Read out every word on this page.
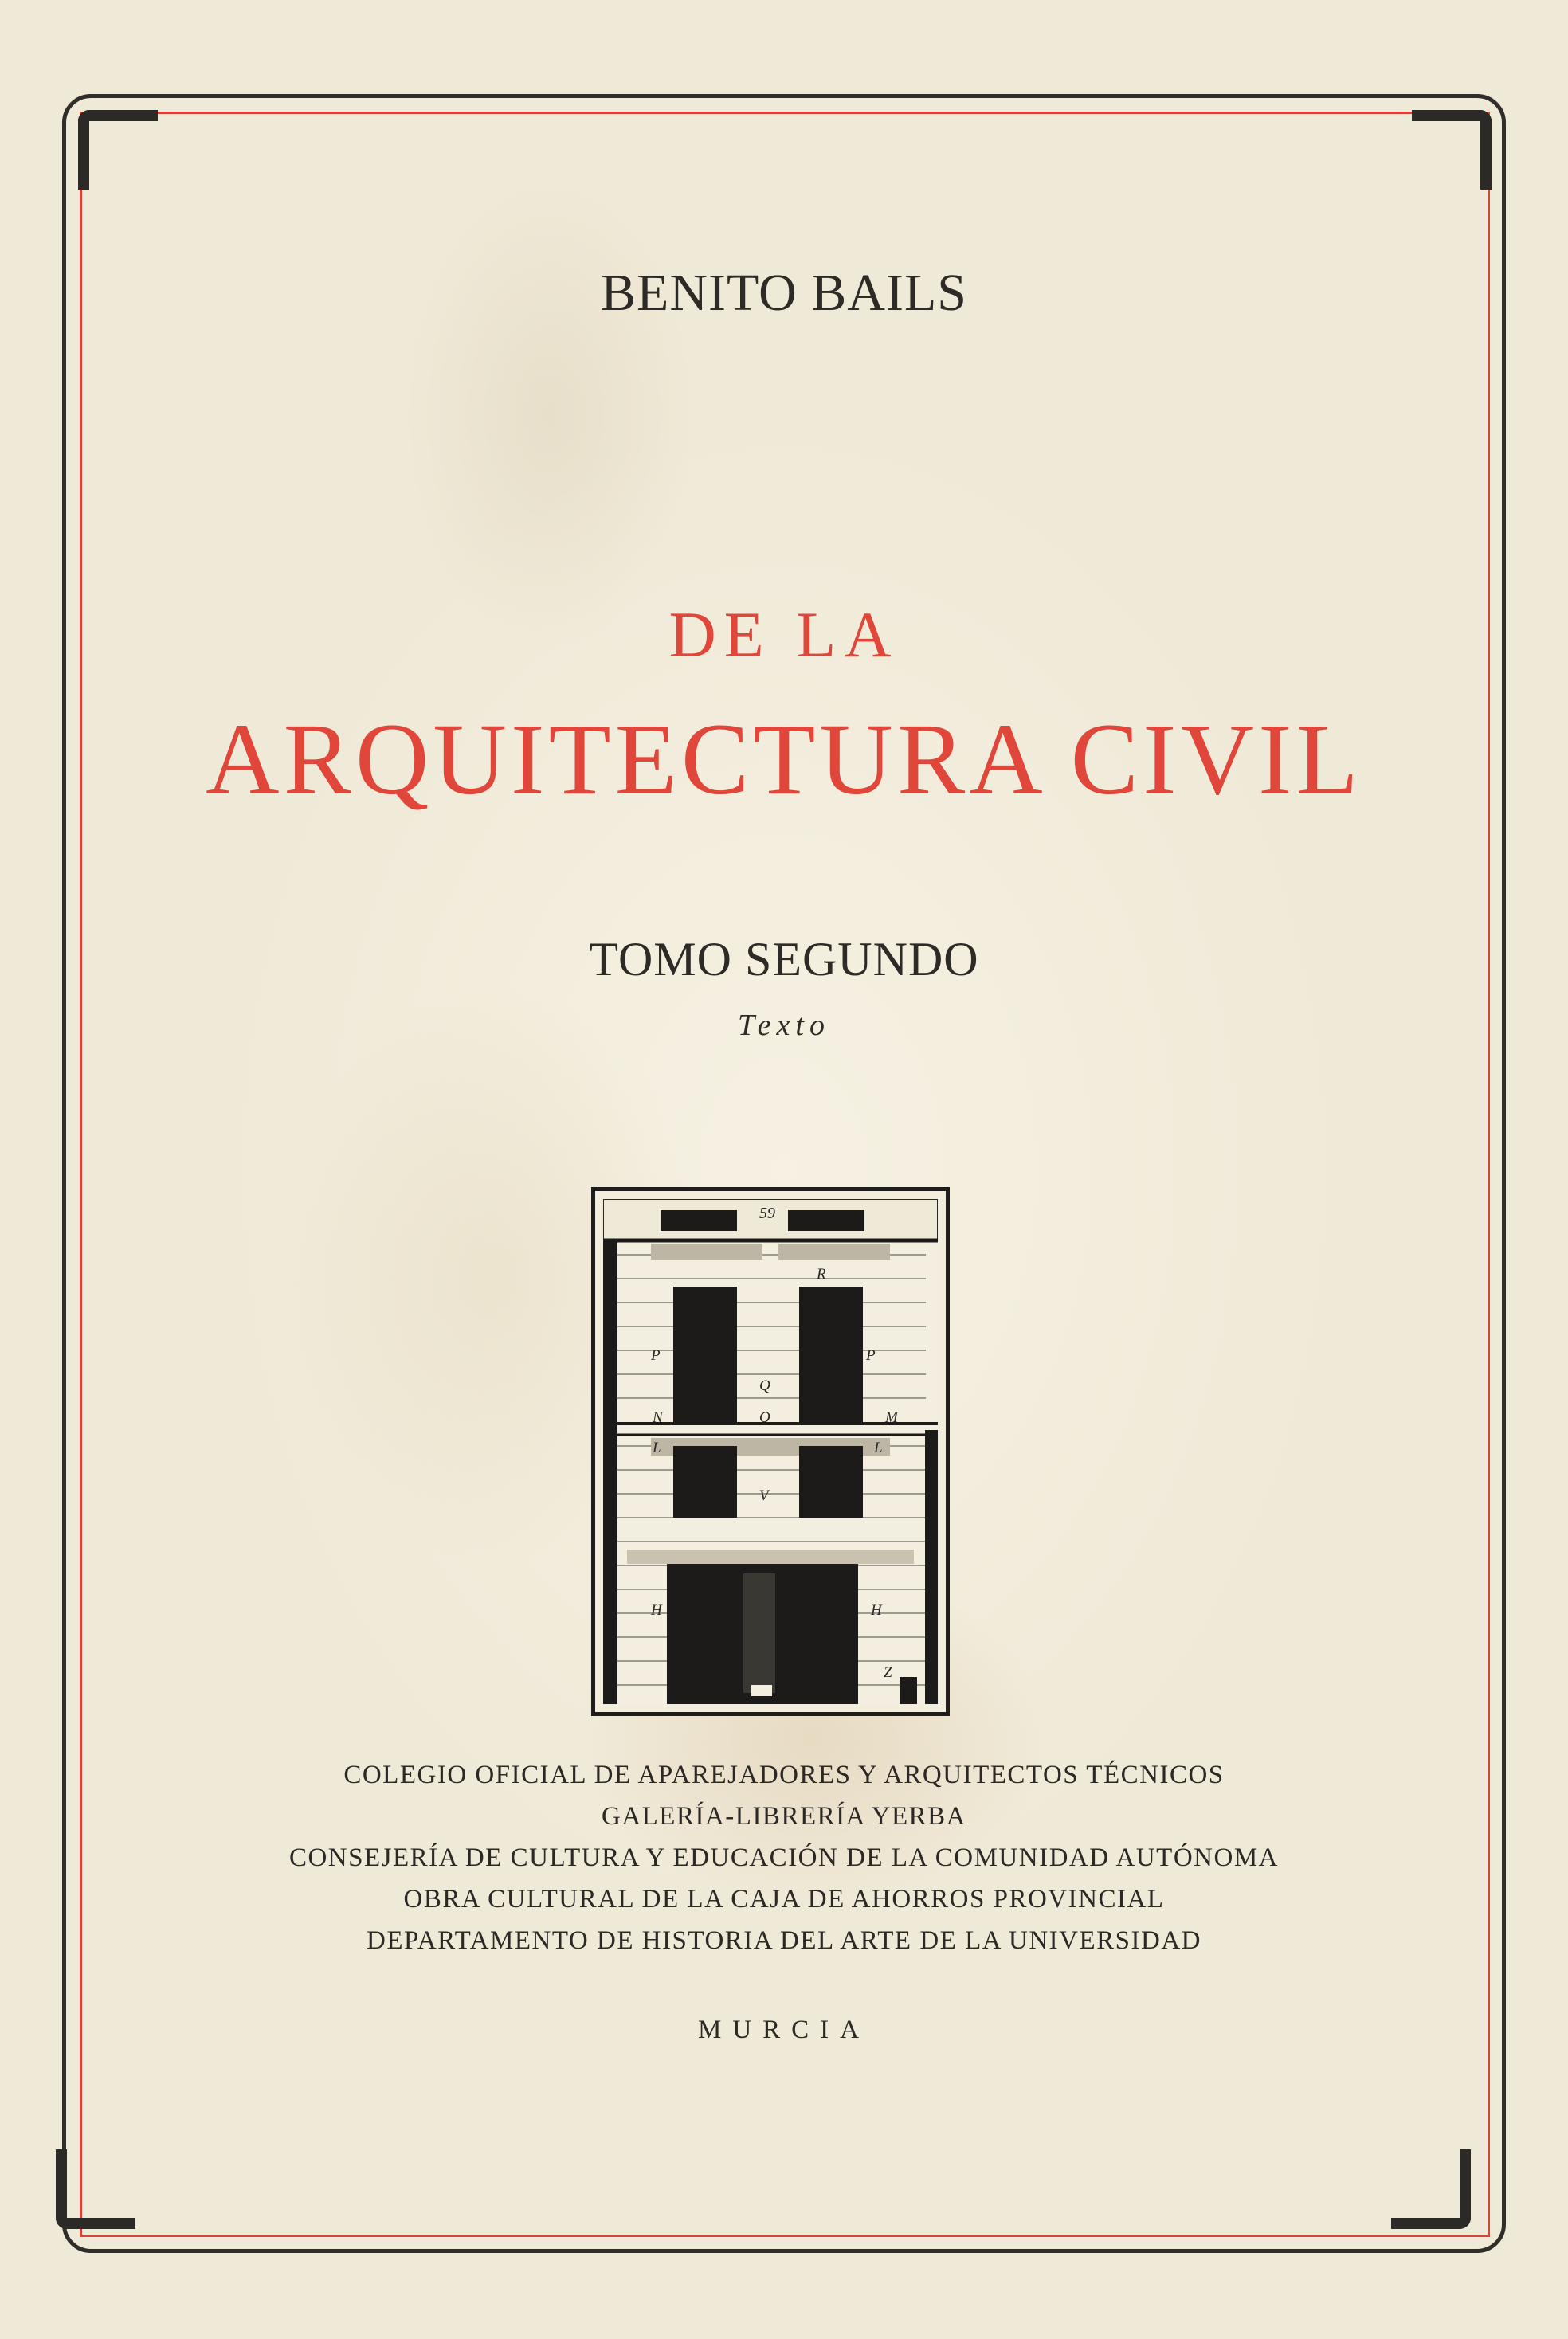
BENITO BAILS
DE LA
ARQUITECTURA CIVIL
TOMO SEGUNDO
Texto
59
R
P	P
Q
N	O	M
L	L
V
H	H
Z
COLEGIO OFICIAL DE APAREJADORES Y ARQUITECTOS TÉCNICOS
GALERÍA-LIBRERÍA YERBA
CONSEJERÍA DE CULTURA Y EDUCACIÓN DE LA COMUNIDAD AUTÓNOMA
OBRA CULTURAL DE LA CAJA DE AHORROS PROVINCIAL
DEPARTAMENTO DE HISTORIA DEL ARTE DE LA UNIVERSIDAD
MURCIA
